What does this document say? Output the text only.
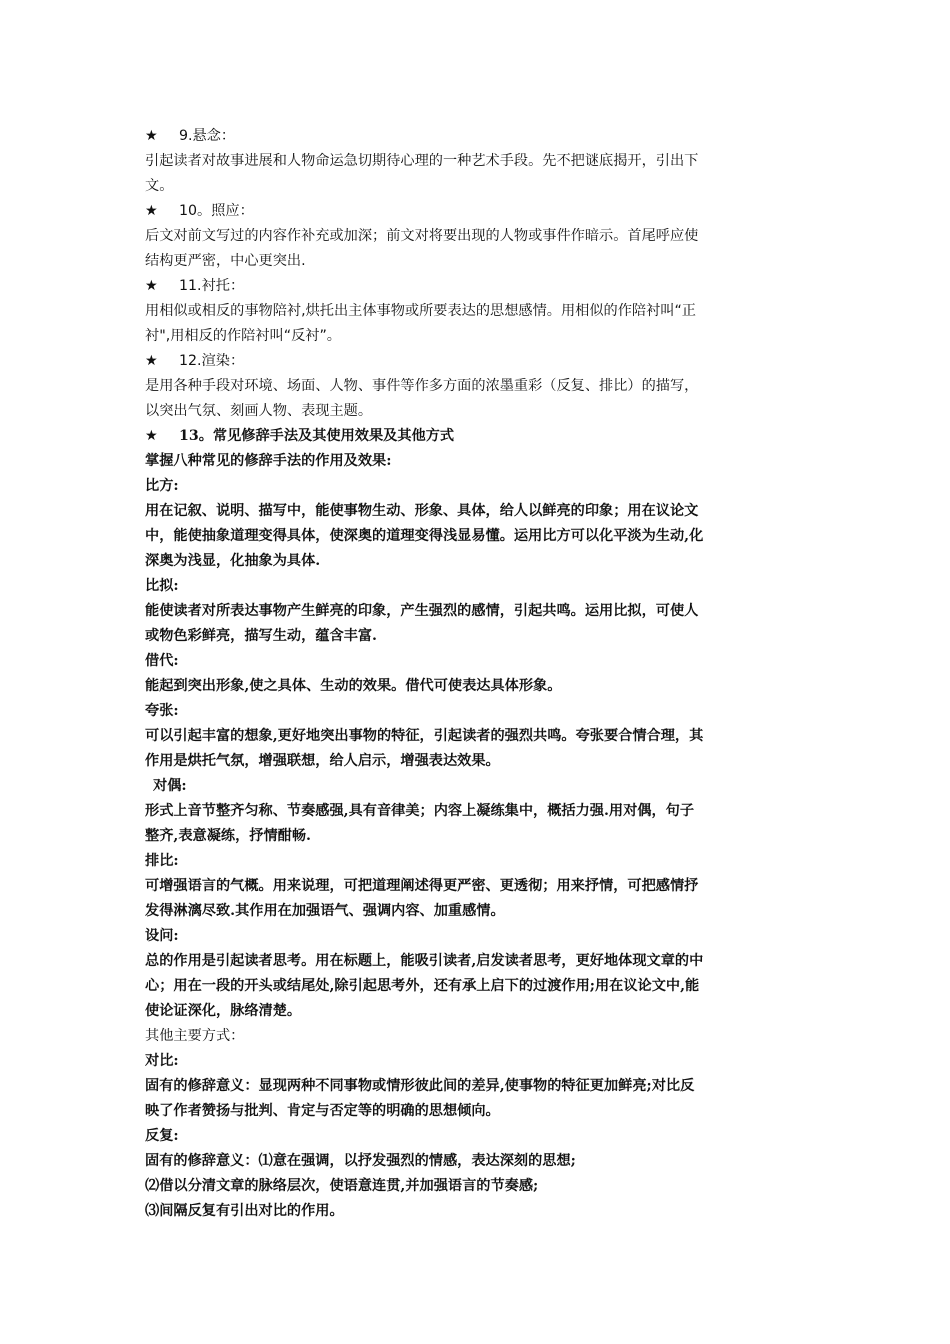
★ 9.悬念：
引起读者对故事进展和人物命运急切期待心理的一种艺术手段。先不把谜底揭开，引出下
文。
★ 10。照应：
后文对前文写过的内容作补充或加深；前文对将要出现的人物或事件作暗示。首尾呼应使
结构更严密，中心更突出.
★ 11.衬托：
用相似或相反的事物陪衬,烘托出主体事物或所要表达的思想感情。用相似的作陪衬叫“正
衬",用相反的作陪衬叫“反衬”。
★ 12.渲染：
是用各种手段对环境、场面、人物、事件等作多方面的浓墨重彩（反复、排比）的描写，
以突出气氛、刻画人物、表现主题。
★ 13。常见修辞手法及其使用效果及其他方式
掌握八种常见的修辞手法的作用及效果:
比方:
用在记叙、说明、描写中，能使事物生动、形象、具体，给人以鲜亮的印象；用在议论文
中，能使抽象道理变得具体，使深奥的道理变得浅显易懂。运用比方可以化平淡为生动,化
深奥为浅显，化抽象为具体.
比拟:
能使读者对所表达事物产生鲜亮的印象，产生强烈的感情，引起共鸣。运用比拟，可使人
或物色彩鲜亮，描写生动，蕴含丰富.
借代:
能起到突出形象,使之具体、生动的效果。借代可使表达具体形象。
夸张:
可以引起丰富的想象,更好地突出事物的特征，引起读者的强烈共鸣。夸张要合情合理，其
作用是烘托气氛，增强联想，给人启示，增强表达效果。
对偶:
形式上音节整齐匀称、节奏感强,具有音律美；内容上凝练集中，概括力强.用对偶，句子
整齐,表意凝练，抒情酣畅.
排比:
可增强语言的气概。用来说理，可把道理阐述得更严密、更透彻；用来抒情，可把感情抒
发得淋漓尽致.其作用在加强语气、强调内容、加重感情。
设问:
总的作用是引起读者思考。用在标题上，能吸引读者,启发读者思考，更好地体现文章的中
心；用在一段的开头或结尾处,除引起思考外，还有承上启下的过渡作用;用在议论文中,能
使论证深化，脉络清楚。
其他主要方式：
对比:
固有的修辞意义：显现两种不同事物或情形彼此间的差异,使事物的特征更加鲜亮;对比反
映了作者赞扬与批判、肯定与否定等的明确的思想倾向。
反复:
固有的修辞意义：⑴意在强调，以抒发强烈的情感，表达深刻的思想;
⑵借以分清文章的脉络层次，使语意连贯,并加强语言的节奏感;
⑶间隔反复有引出对比的作用。
